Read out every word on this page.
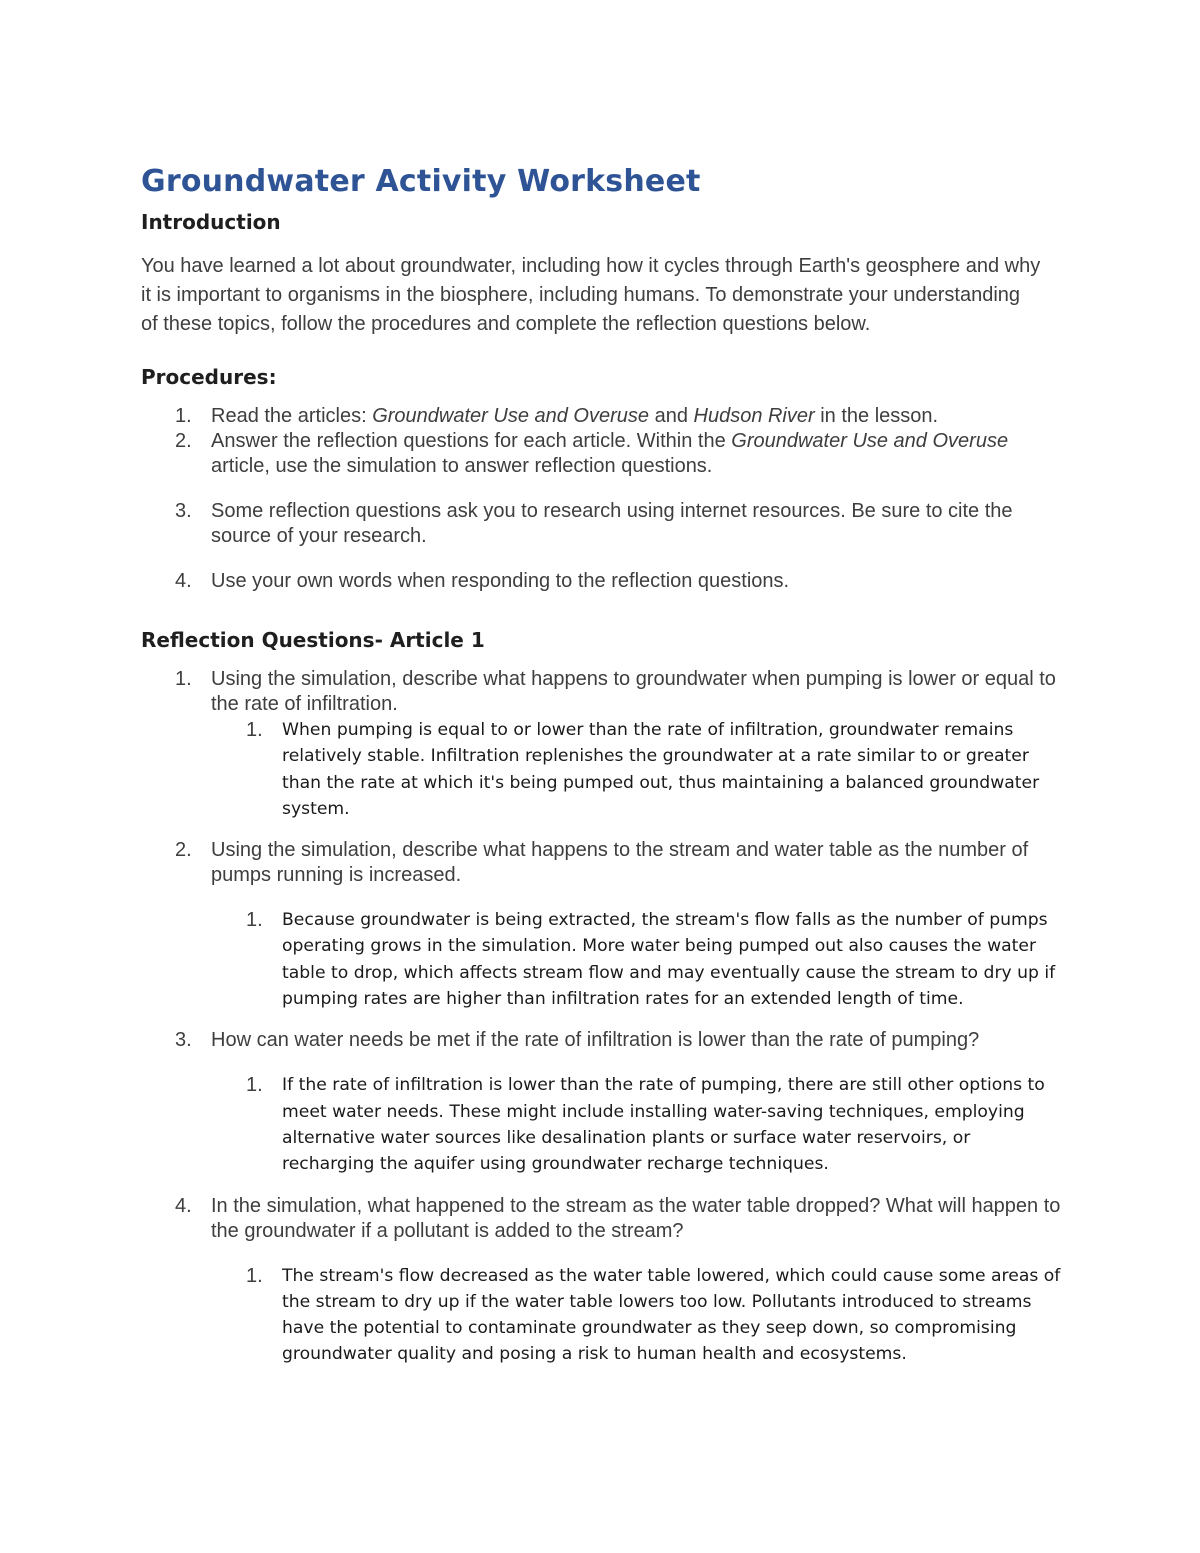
Groundwater Activity Worksheet
Introduction

You have learned a lot about groundwater, including how it cycles through Earth's geosphere and why it is important to organisms in the biosphere, including humans. To demonstrate your understanding of these topics, follow the procedures and complete the reflection questions below.

Procedures:
1. Read the articles: Groundwater Use and Overuse and Hudson River in the lesson.
2. Answer the reflection questions for each article. Within the Groundwater Use and Overuse article, use the simulation to answer reflection questions.
3. Some reflection questions ask you to research using internet resources. Be sure to cite the source of your research.
4. Use your own words when responding to the reflection questions.
Reflection Questions- Article 1
1. Using the simulation, describe what happens to groundwater when pumping is lower or equal to the rate of infiltration.
1. When pumping is equal to or lower than the rate of infiltration, groundwater remains relatively stable. Infiltration replenishes the groundwater at a rate similar to or greater than the rate at which it's being pumped out, thus maintaining a balanced groundwater system.
2. Using the simulation, describe what happens to the stream and water table as the number of pumps running is increased.
1. Because groundwater is being extracted, the stream's flow falls as the number of pumps operating grows in the simulation. More water being pumped out also causes the water table to drop, which affects stream flow and may eventually cause the stream to dry up if pumping rates are higher than infiltration rates for an extended length of time.
3. How can water needs be met if the rate of infiltration is lower than the rate of pumping?
1. If the rate of infiltration is lower than the rate of pumping, there are still other options to meet water needs. These might include installing water-saving techniques, employing alternative water sources like desalination plants or surface water reservoirs, or recharging the aquifer using groundwater recharge techniques.
4. In the simulation, what happened to the stream as the water table dropped? What will happen to the groundwater if a pollutant is added to the stream?
1. The stream's flow decreased as the water table lowered, which could cause some areas of the stream to dry up if the water table lowers too low. Pollutants introduced to streams have the potential to contaminate groundwater as they seep down, so compromising groundwater quality and posing a risk to human health and ecosystems.
